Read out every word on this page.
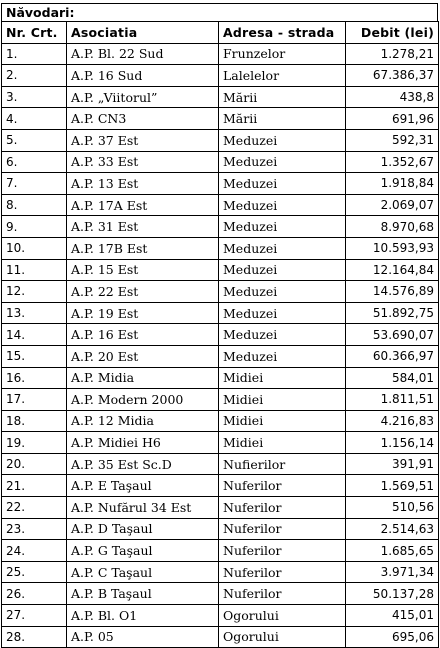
Năvodari:
Nr. Crt.	Asociatia	Adresa - strada	Debit (lei)
1.	A.P. Bl. 22 Sud	Frunzelor	1.278,21
2.	A.P. 16 Sud	Lalelelor	67.386,37
3.	A.P. „Viitorul”	Mării	438,8
4.	A.P. CN3	Mării	691,96
5.	A.P. 37 Est	Meduzei	592,31
6.	A.P. 33 Est	Meduzei	1.352,67
7.	A.P. 13 Est	Meduzei	1.918,84
8.	A.P. 17A Est	Meduzei	2.069,07
9.	A.P. 31 Est	Meduzei	8.970,68
10.	A.P. 17B Est	Meduzei	10.593,93
11.	A.P. 15 Est	Meduzei	12.164,84
12.	A.P. 22 Est	Meduzei	14.576,89
13.	A.P. 19 Est	Meduzei	51.892,75
14.	A.P. 16 Est	Meduzei	53.690,07
15.	A.P. 20 Est	Meduzei	60.366,97
16.	A.P. Midia	Midiei	584,01
17.	A.P. Modern 2000	Midiei	1.811,51
18.	A.P. 12 Midia	Midiei	4.216,83
19.	A.P. Midiei H6	Midiei	1.156,14
20.	A.P. 35 Est Sc.D	Nufierilor	391,91
21.	A.P. E Taşaul	Nuferilor	1.569,51
22.	A.P. Nufărul 34 Est	Nuferilor	510,56
23.	A.P. D Taşaul	Nuferilor	2.514,63
24.	A.P. G Taşaul	Nuferilor	1.685,65
25.	A.P. C Taşaul	Nuferilor	3.971,34
26.	A.P. B Taşaul	Nuferilor	50.137,28
27.	A.P. Bl. O1	Ogorului	415,01
28.	A.P. 05	Ogorului	695,06
